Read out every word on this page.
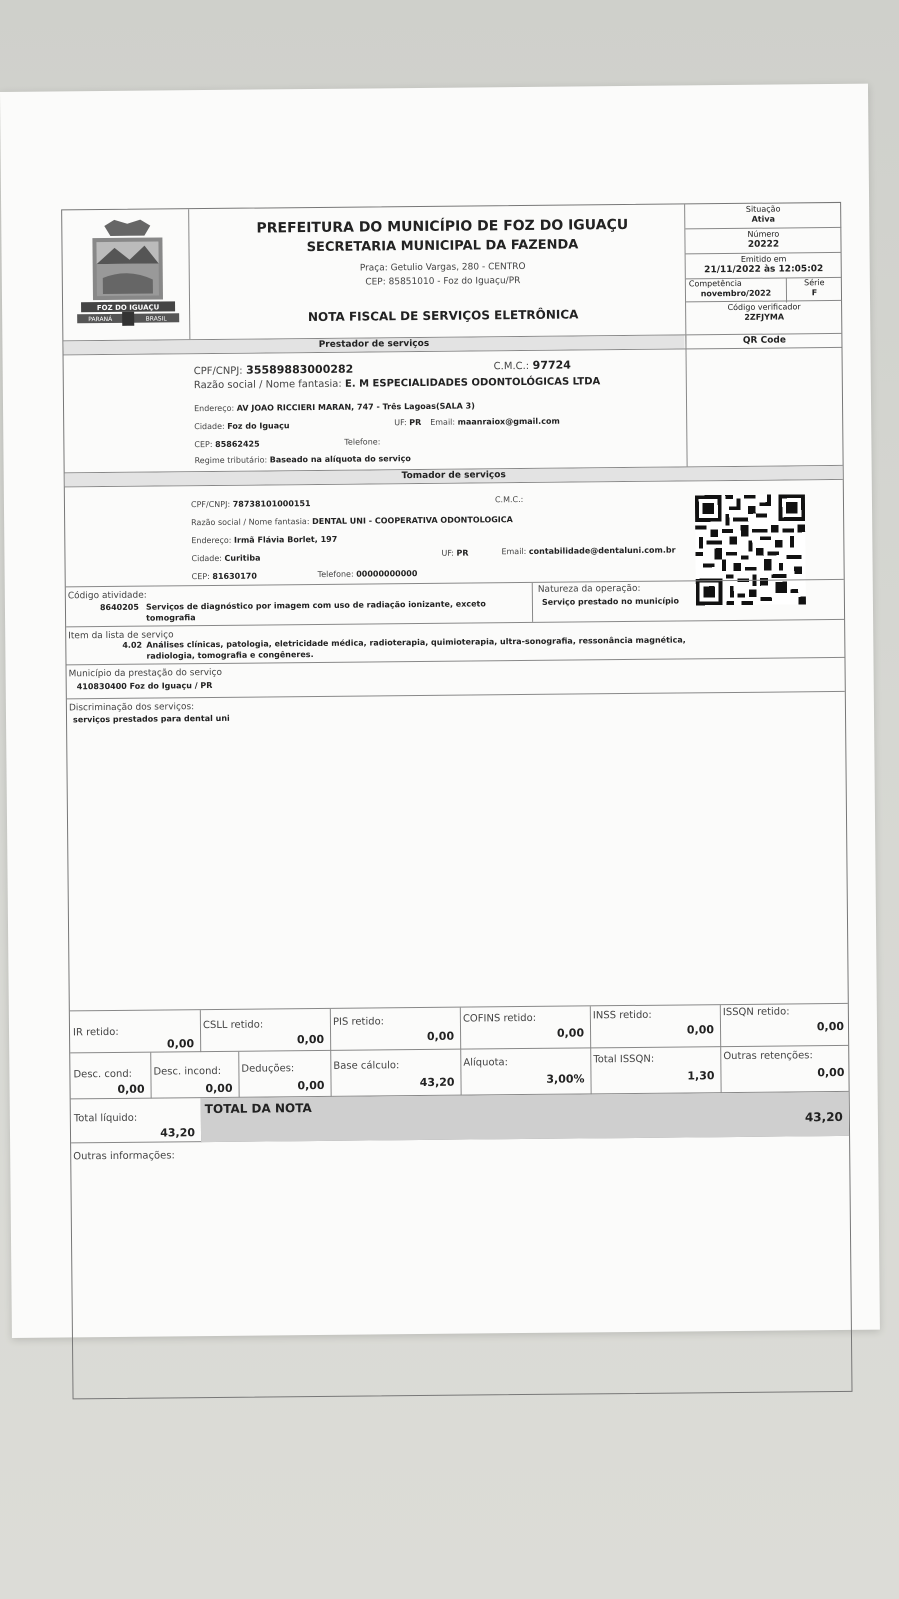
FOZ DO IGUAÇU
PARANÁ	BRASIL
PREFEITURA DO MUNICÍPIO DE FOZ DO IGUAÇU
SECRETARIA MUNICIPAL DA FAZENDA
Praça: Getulio Vargas, 280 - CENTRO
CEP: 85851010 - Foz do Iguaçu/PR
NOTA FISCAL DE SERVIÇOS ELETRÔNICA
Situação
Ativa
Número
20222
Emitido em
21/11/2022 às 12:05:02
Competência
novembro/2022
Série
F
Código verificador
2ZFJYMA
Prestador de serviços	QR Code
CPF/CNPJ: 35589883000282	C.M.C.: 97724
Razão social / Nome fantasia: E. M ESPECIALIDADES ODONTOLÓGICAS LTDA
Endereço: AV JOAO RICCIERI MARAN, 747 - Três Lagoas(SALA 3)
Cidade: Foz do Iguaçu	UF: PR Email: maanraiox@gmail.com
CEP: 85862425	Telefone:
Regime tributário: Baseado na alíquota do serviço
Tomador de serviços
CPF/CNPJ: 78738101000151	C.M.C.:
Razão social / Nome fantasia: DENTAL UNI - COOPERATIVA ODONTOLOGICA
Endereço: Irmã Flávia Borlet, 197
Cidade: Curitiba
UF: PR	Email: contabilidade@dentaluni.com.br
CEP: 81630170	Telefone: 00000000000
Código atividade:
8640205 Serviços de diagnóstico por imagem com uso de radiação ionizante, exceto
tomografia
Natureza da operação:
Serviço prestado no município
Item da lista de serviço
4.02 Análises clínicas, patologia, eletricidade médica, radioterapia, quimioterapia, ultra-sonografia, ressonância magnética,
radiologia, tomografia e congêneres.
Município da prestação do serviço
410830400 Foz do Iguaçu / PR
Discriminação dos serviços:
serviços prestados para dental uni
IR retido:
0,00
CSLL retido:
0,00
PIS retido:
0,00
COFINS retido:
0,00
INSS retido:
0,00
ISSQN retido:
0,00
Desc. cond:
0,00
Desc. incond:
0,00
Deduções:
0,00
Base cálculo:
43,20
Alíquota:
3,00%
Total ISSQN:
1,30
Outras retenções:
0,00
Total líquido:
43,20
TOTAL DA NOTA
43,20
Outras informações:
